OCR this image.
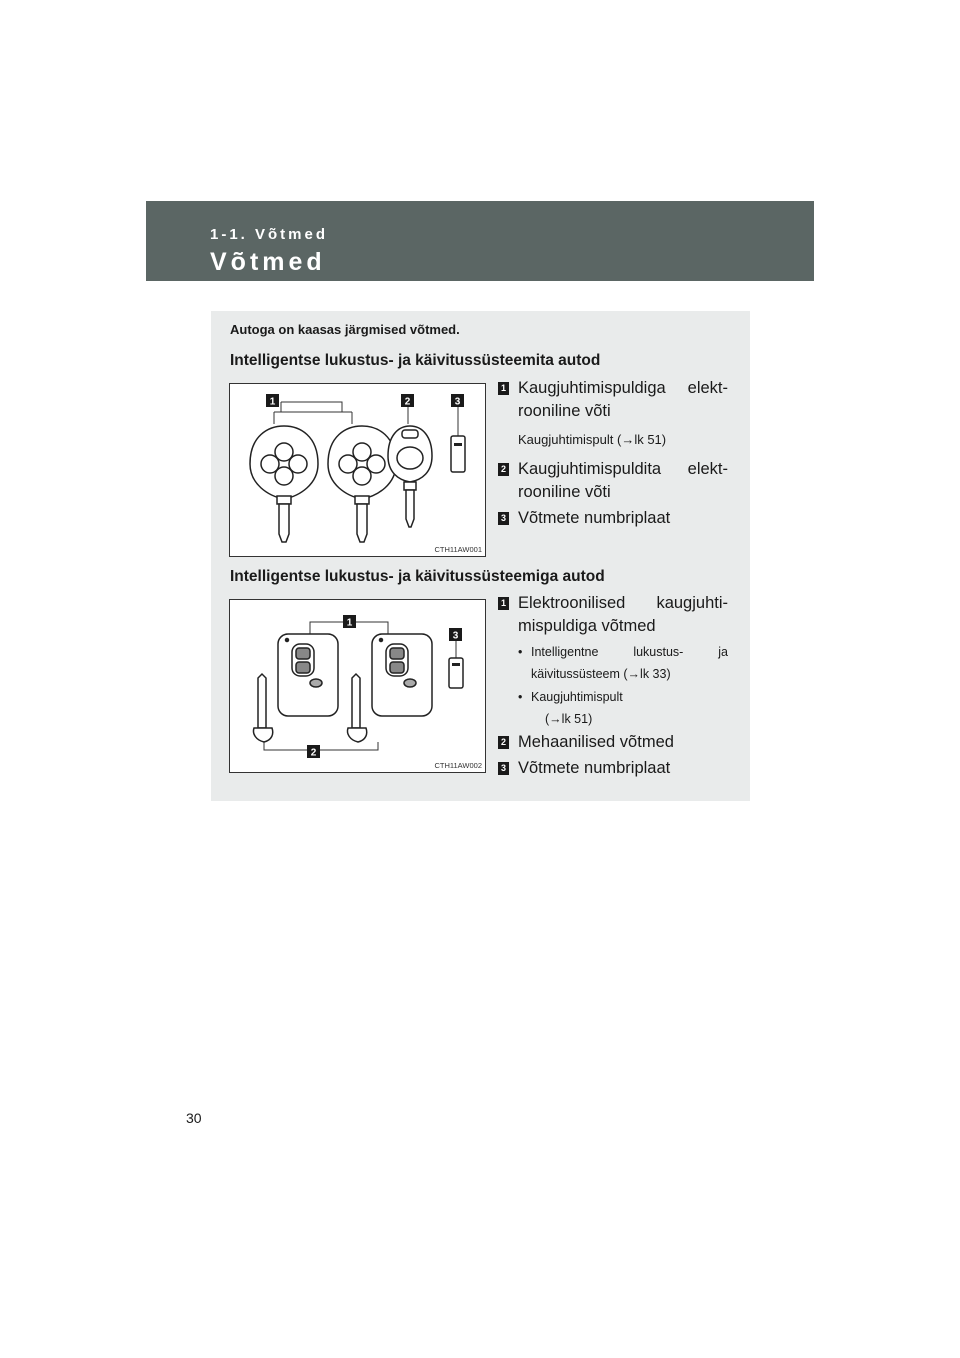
1-1. Võtmed
Võtmed
Autoga on kaasas järgmised võtmed.
Intelligentse lukustus- ja käivitussüsteemita autod
1	2	3
CTH11AW001
1 Kaugjuhtimispuldiga elekt-
rooniline võti
Kaugjuhtimispult (→lk 51)
2 Kaugjuhtimispuldita elekt-
rooniline võti
3 Võtmete numbriplaat
Intelligentse lukustus- ja käivitussüsteemiga autod
1
3
2
CTH11AW002
1 Elektroonilised kaugjuhti-
mispuldiga võtmed
• Intelligentne lukustus- ja
käivitussüsteem (→lk 33)
• Kaugjuhtimispult
(→lk 51)
2 Mehaanilised võtmed
3 Võtmete numbriplaat
30
